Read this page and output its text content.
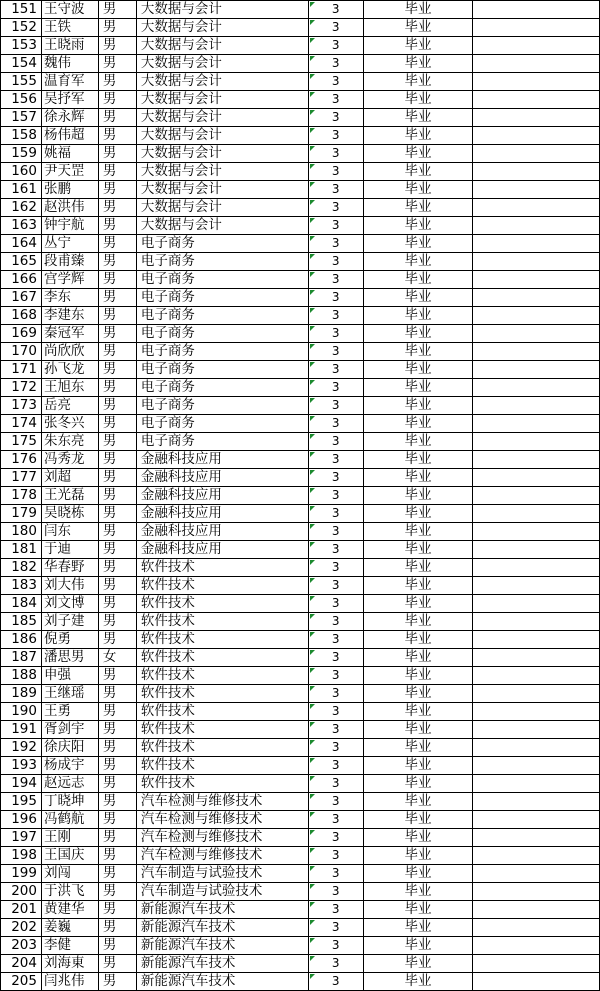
151	王守波	男	大数据与会计	3	毕业	
152	王铁	男	大数据与会计	3	毕业	
153	王晓雨	男	大数据与会计	3	毕业	
154	魏伟	男	大数据与会计	3	毕业	
155	温育军	男	大数据与会计	3	毕业	
156	吴抒军	男	大数据与会计	3	毕业	
157	徐永辉	男	大数据与会计	3	毕业	
158	杨伟超	男	大数据与会计	3	毕业	
159	姚福	男	大数据与会计	3	毕业	
160	尹天罡	男	大数据与会计	3	毕业	
161	张鹏	男	大数据与会计	3	毕业	
162	赵洪伟	男	大数据与会计	3	毕业	
163	钟宇航	男	大数据与会计	3	毕业	
164	丛宁	男	电子商务	3	毕业	
165	段甫臻	男	电子商务	3	毕业	
166	宫学辉	男	电子商务	3	毕业	
167	李东	男	电子商务	3	毕业	
168	李建东	男	电子商务	3	毕业	
169	秦冠军	男	电子商务	3	毕业	
170	尚欣欣	男	电子商务	3	毕业	
171	孙飞龙	男	电子商务	3	毕业	
172	王旭东	男	电子商务	3	毕业	
173	岳亮	男	电子商务	3	毕业	
174	张冬兴	男	电子商务	3	毕业	
175	朱东亮	男	电子商务	3	毕业	
176	冯秀龙	男	金融科技应用	3	毕业	
177	刘超	男	金融科技应用	3	毕业	
178	王光磊	男	金融科技应用	3	毕业	
179	吴晓栋	男	金融科技应用	3	毕业	
180	闫东	男	金融科技应用	3	毕业	
181	于迪	男	金融科技应用	3	毕业	
182	华春野	男	软件技术	3	毕业	
183	刘大伟	男	软件技术	3	毕业	
184	刘文博	男	软件技术	3	毕业	
185	刘子建	男	软件技术	3	毕业	
186	倪勇	男	软件技术	3	毕业	
187	潘思男	女	软件技术	3	毕业	
188	申强	男	软件技术	3	毕业	
189	王继瑶	男	软件技术	3	毕业	
190	王勇	男	软件技术	3	毕业	
191	胥剑宇	男	软件技术	3	毕业	
192	徐庆阳	男	软件技术	3	毕业	
193	杨成宇	男	软件技术	3	毕业	
194	赵远志	男	软件技术	3	毕业	
195	丁晓坤	男	汽车检测与维修技术	3	毕业	
196	冯鹤航	男	汽车检测与维修技术	3	毕业	
197	王刚	男	汽车检测与维修技术	3	毕业	
198	王国庆	男	汽车检测与维修技术	3	毕业	
199	刘闯	男	汽车制造与试验技术	3	毕业	
200	于洪飞	男	汽车制造与试验技术	3	毕业	
201	黄建华	男	新能源汽车技术	3	毕业	
202	姜巍	男	新能源汽车技术	3	毕业	
203	李健	男	新能源汽车技术	3	毕业	
204	刘海東	男	新能源汽车技术	3	毕业	
205	闫兆伟	男	新能源汽车技术	3	毕业	
